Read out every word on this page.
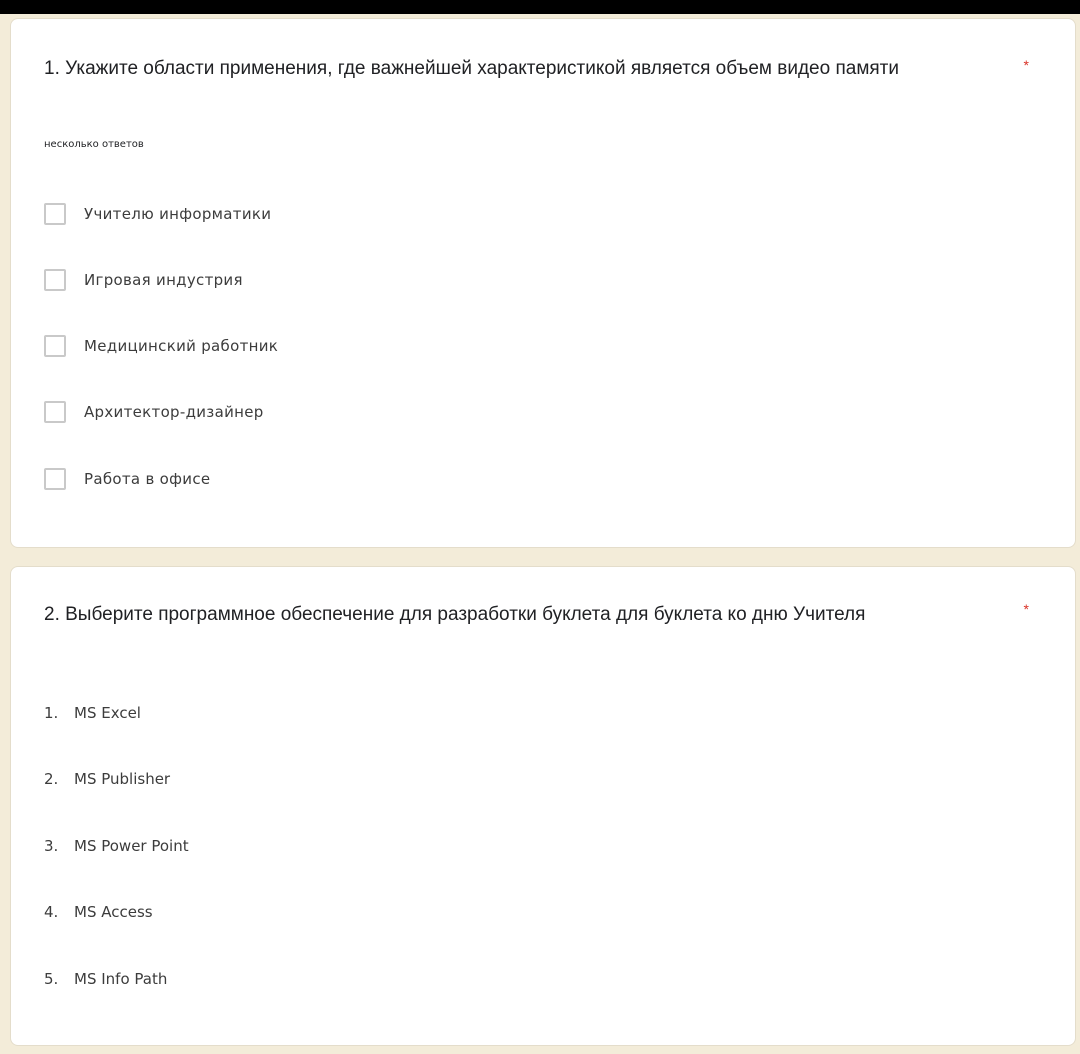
1. Укажите области применения, где важнейшей характеристикой является объем видео памяти	*
несколько ответов
Учителю информатики
Игровая индустрия
Медицинский работник
Архитектор-дизайнер
Работа в офисе
2. Выберите программное обеспечение для разработки буклета для буклета ко дню Учителя	*
1.	MS Excel
2.	MS Publisher
3.	MS Power Point
4.	MS Access
5.	MS Info Path
